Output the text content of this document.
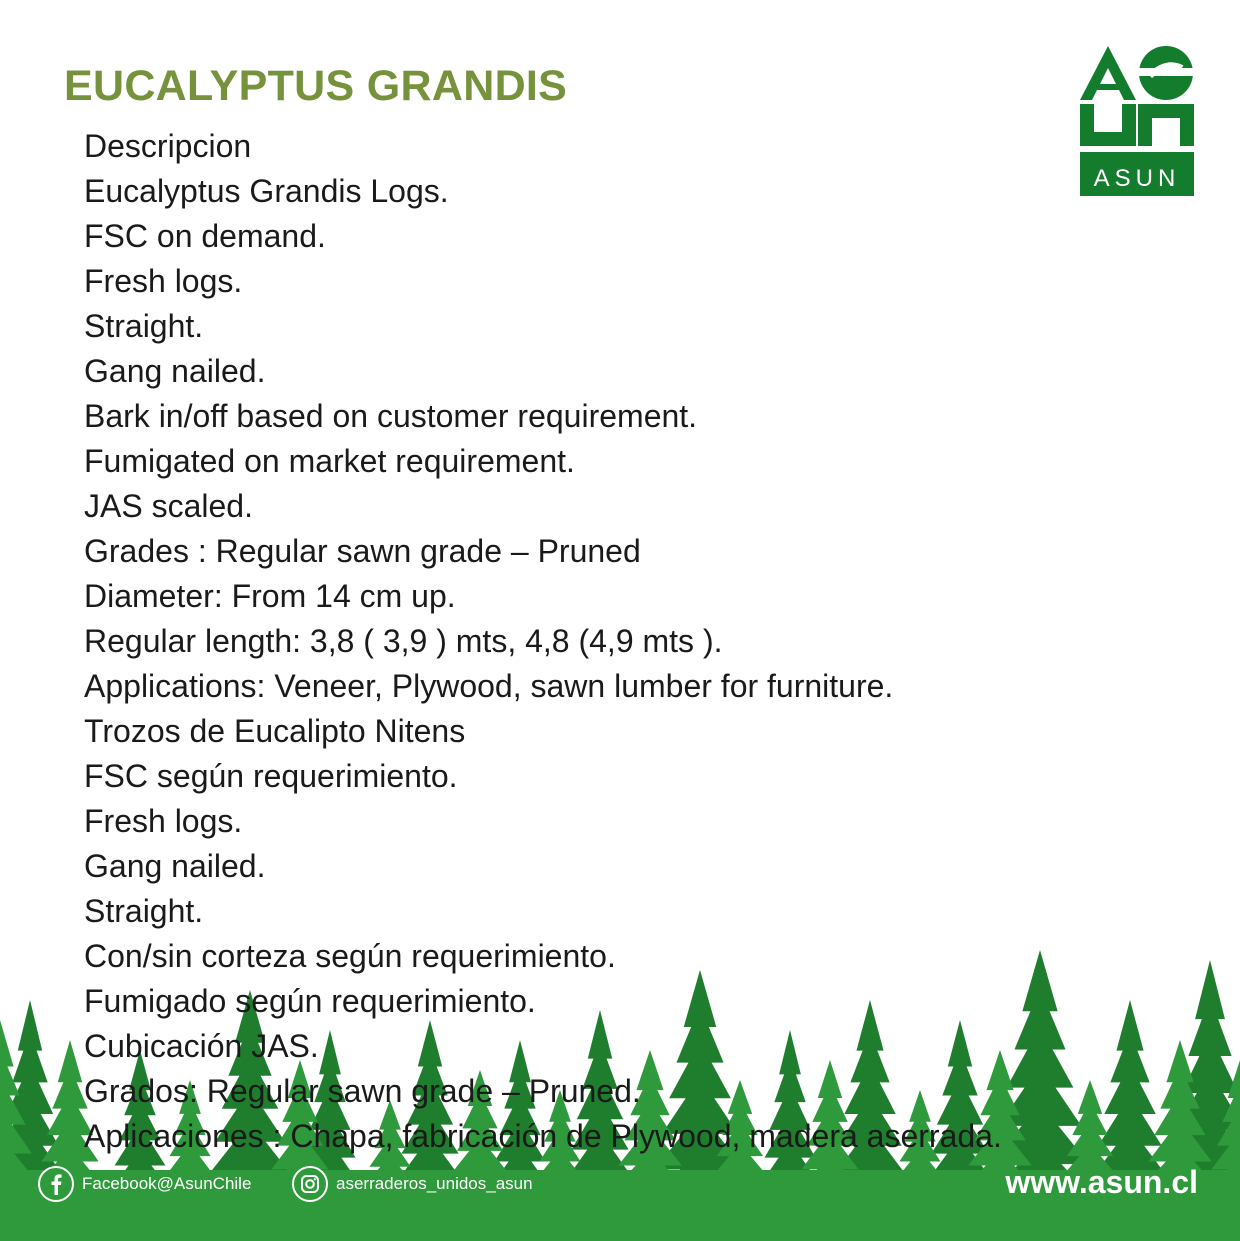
EUCALYPTUS GRANDIS
ASUN
Descripcion
Eucalyptus Grandis Logs.
FSC on demand.
Fresh logs.
Straight.
Gang nailed.
Bark in/off based on customer requirement.
Fumigated on market requirement.
JAS scaled.
Grades : Regular sawn grade – Pruned
Diameter: From 14 cm up.
Regular length: 3,8 ( 3,9 ) mts, 4,8 (4,9 mts ).
Applications: Veneer, Plywood, sawn lumber for furniture.
Trozos de Eucalipto Nitens
FSC según requerimiento.
Fresh logs.
Gang nailed.
Straight.
Con/sin corteza según requerimiento.
Fumigado según requerimiento.
Cubicación JAS.
Grados: Regular sawn grade – Pruned.
Aplicaciones : Chapa, fabricación de Plywood, madera aserrada.
Facebook@AsunChile	aserraderos_unidos_asun	www.asun.cl
